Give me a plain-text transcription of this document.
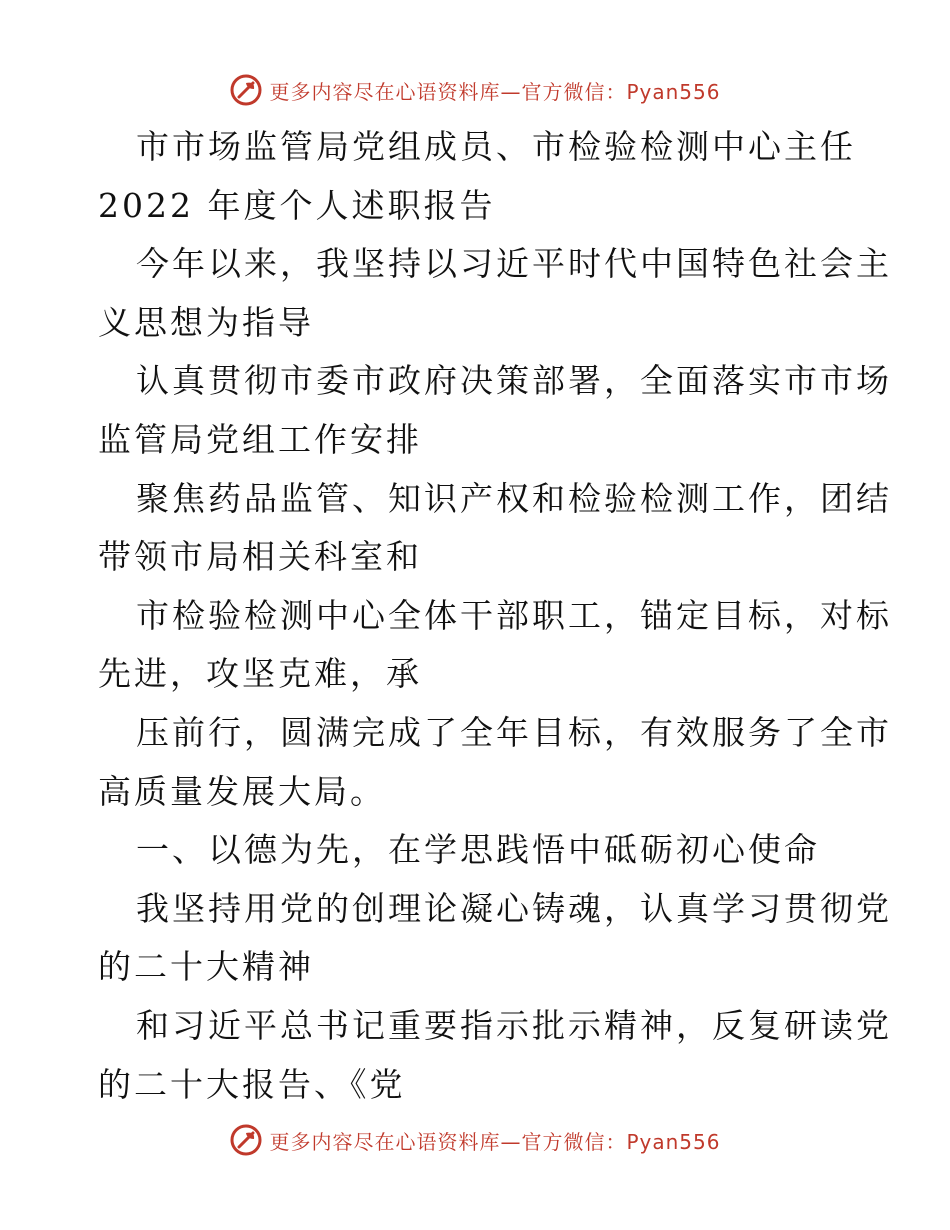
更多内容尽在心语资料库—官方微信：Pyan556
市市场监管局党组成员、市检验检测中心主任
2022 年度个人述职报告
今年以来，我坚持以习近平时代中国特色社会主
义思想为指导
认真贯彻市委市政府决策部署，全面落实市市场
监管局党组工作安排
聚焦药品监管、知识产权和检验检测工作，团结
带领市局相关科室和
市检验检测中心全体干部职工，锚定目标，对标
先进，攻坚克难，承
压前行，圆满完成了全年目标，有效服务了全市
高质量发展大局。
一、以德为先，在学思践悟中砥砺初心使命
我坚持用党的创理论凝心铸魂，认真学习贯彻党
的二十大精神
和习近平总书记重要指示批示精神，反复研读党
的二十大报告、《党
更多内容尽在心语资料库—官方微信：Pyan556
